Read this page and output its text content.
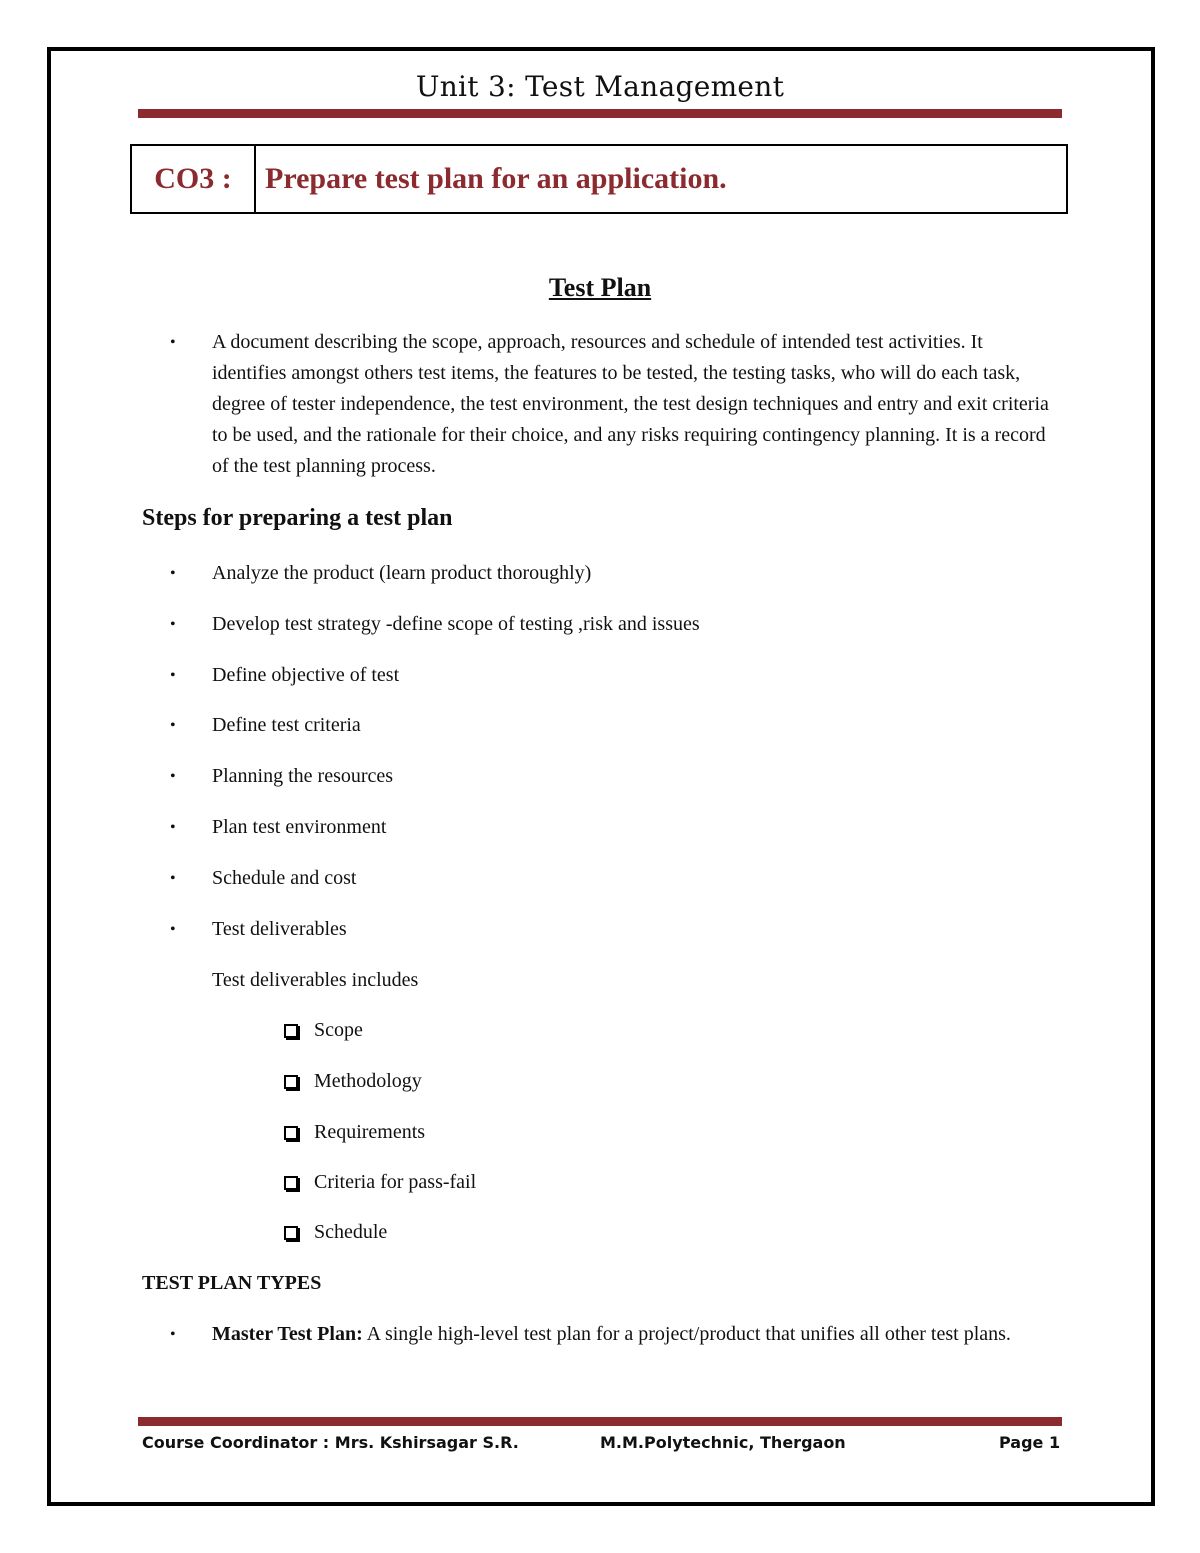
Unit 3: Test Management
CO3 :	Prepare test plan for an application.
Test Plan
•	A document describing the scope, approach, resources and schedule of intended test activities. It identifies amongst others test items, the features to be tested, the testing tasks, who will do each task, degree of tester independence, the test environment, the test design techniques and entry and exit criteria to be used, and the rationale for their choice, and any risks requiring contingency planning. It is a record of the test planning process.
Steps for preparing a test plan
•	Analyze the product (learn product thoroughly)
•	Develop test strategy -define scope of testing ,risk and issues
•	Define objective of test
•	Define test criteria
•	Planning the resources
•	Plan test environment
•	Schedule and cost
•	Test deliverables
Test deliverables includes
Scope
Methodology
Requirements
Criteria for pass-fail
Schedule
TEST PLAN TYPES
•	Master Test Plan: A single high-level test plan for a project/product that unifies all other test plans.
Course Coordinator : Mrs. Kshirsagar S.R.	M.M.Polytechnic, Thergaon	Page 1
